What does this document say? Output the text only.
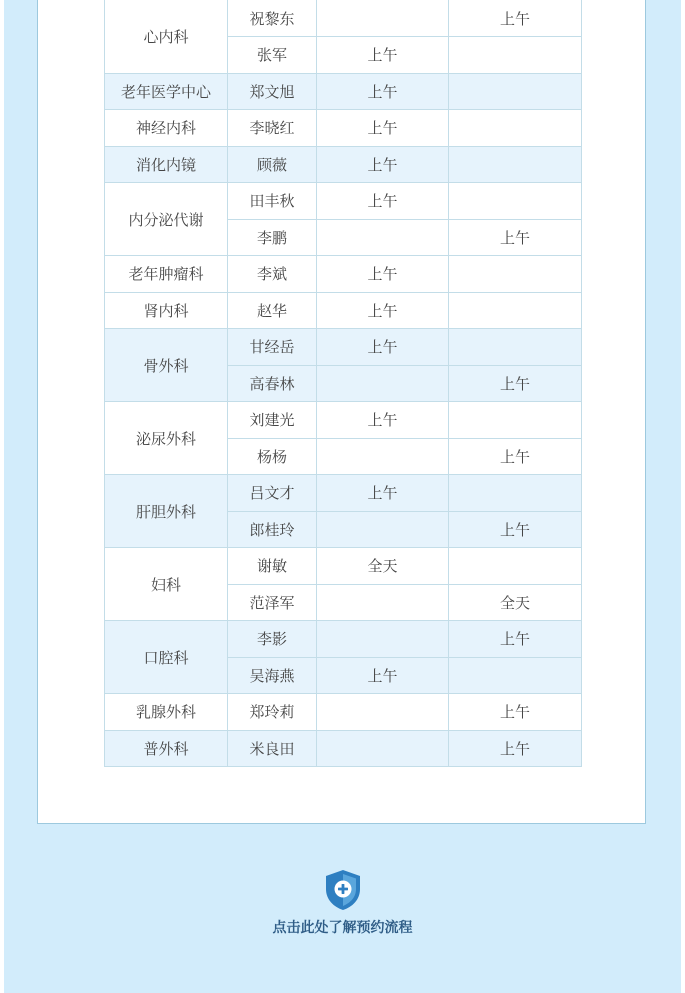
心内科	祝黎东		上午
	张军	上午	
老年医学中心	郑文旭	上午	
神经内科	李晓红	上午	
消化内镜	顾薇	上午	
内分泌代谢	田丰秋	上午	
	李鹏		上午
老年肿瘤科	李斌	上午	
肾内科	赵华	上午	
骨外科	甘经岳	上午	
	高春林		上午
泌尿外科	刘建光	上午	
	杨杨		上午
肝胆外科	吕文才	上午	
	郎桂玲		上午
妇科	谢敏	全天	
	范泽军		全天
口腔科	李影		上午
	吴海燕	上午	
乳腺外科	郑玲莉		上午
普外科	米良田		上午
点击此处了解预约流程
